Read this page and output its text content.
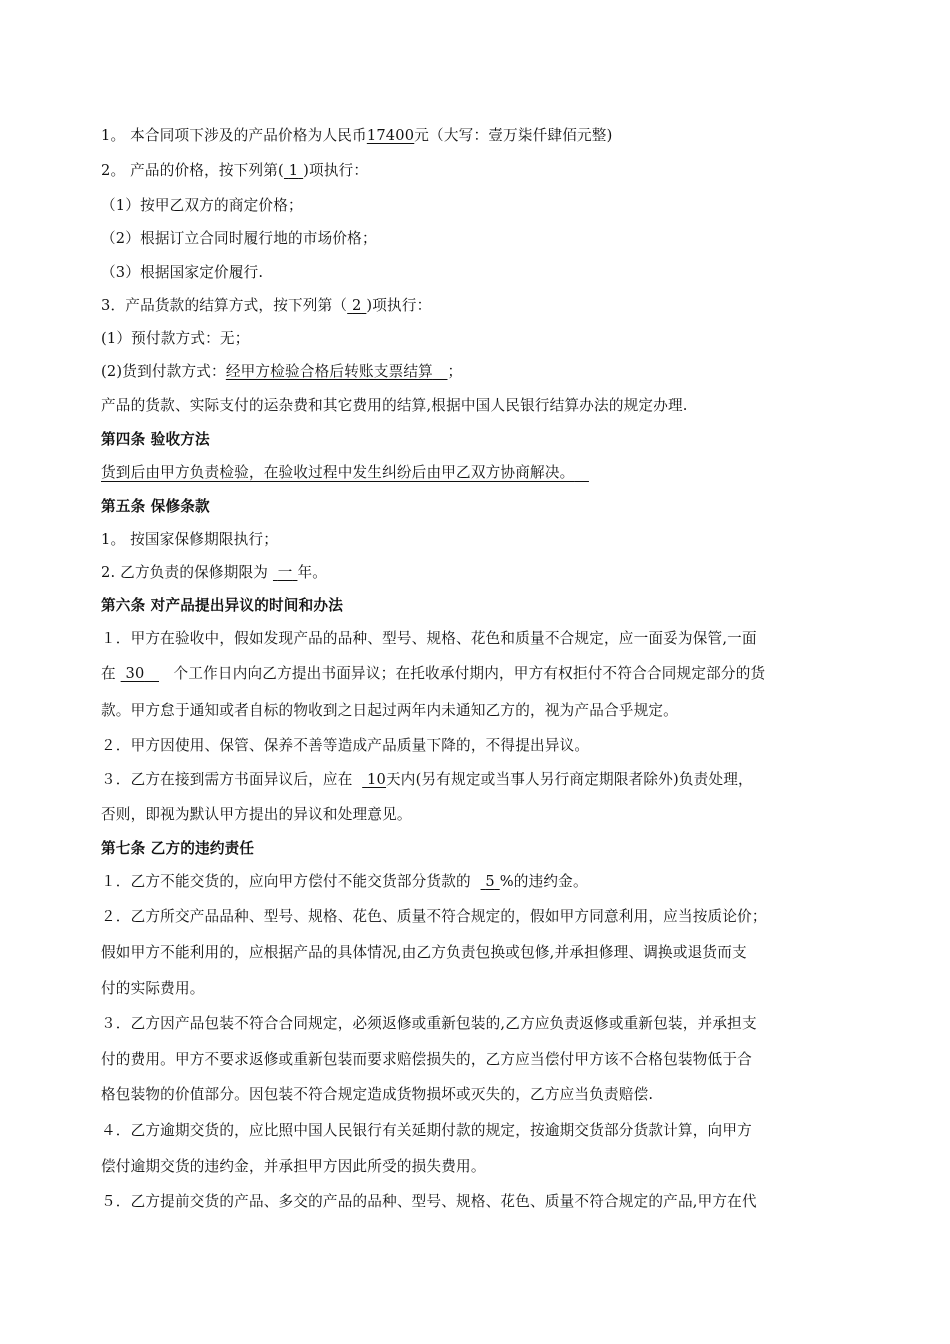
1。 本合同项下涉及的产品价格为人民币17400元（大写：壹万柒仟肆佰元整)
2。 产品的价格，按下列第( 1 )项执行：
（1）按甲乙双方的商定价格；
（2）根据订立合同时履行地的市场价格；
（3）根据国家定价履行.
3．产品货款的结算方式，按下列第（ 2 )项执行：
(1）预付款方式：无；
(2)货到付款方式：经甲方检验合格后转账支票结算 ；
产品的货款、实际支付的运杂费和其它费用的结算,根据中国人民银行结算办法的规定办理.
第四条 验收方法
货到后由甲方负责检验，在验收过程中发生纠纷后由甲乙双方协商解决。
第五条 保修条款
1。 按国家保修期限执行；
2. 乙方负责的保修期限为 一 年。
第六条 对产品提出异议的时间和办法
１．甲方在验收中，假如发现产品的品种、型号、规格、花色和质量不合规定，应一面妥为保管,一面
在 30 个工作日内向乙方提出书面异议；在托收承付期内，甲方有权拒付不符合合同规定部分的货
款。甲方怠于通知或者自标的物收到之日起过两年内未通知乙方的，视为产品合乎规定。
２．甲方因使用、保管、保养不善等造成产品质量下降的，不得提出异议。
３．乙方在接到需方书面异议后，应在 10天内(另有规定或当事人另行商定期限者除外)负责处理，
否则，即视为默认甲方提出的异议和处理意见。
第七条 乙方的违约责任
１．乙方不能交货的，应向甲方偿付不能交货部分货款的 5 %的违约金。
２．乙方所交产品品种、型号、规格、花色、质量不符合规定的，假如甲方同意利用，应当按质论价；
假如甲方不能利用的，应根据产品的具体情况,由乙方负责包换或包修,并承担修理、调换或退货而支
付的实际费用。
３．乙方因产品包装不符合合同规定，必须返修或重新包装的,乙方应负责返修或重新包装，并承担支
付的费用。甲方不要求返修或重新包装而要求赔偿损失的，乙方应当偿付甲方该不合格包装物低于合
格包装物的价值部分。因包装不符合规定造成货物损坏或灭失的，乙方应当负责赔偿.
４．乙方逾期交货的，应比照中国人民银行有关延期付款的规定，按逾期交货部分货款计算，向甲方
偿付逾期交货的违约金，并承担甲方因此所受的损失费用。
５．乙方提前交货的产品、多交的产品的品种、型号、规格、花色、质量不符合规定的产品,甲方在代
